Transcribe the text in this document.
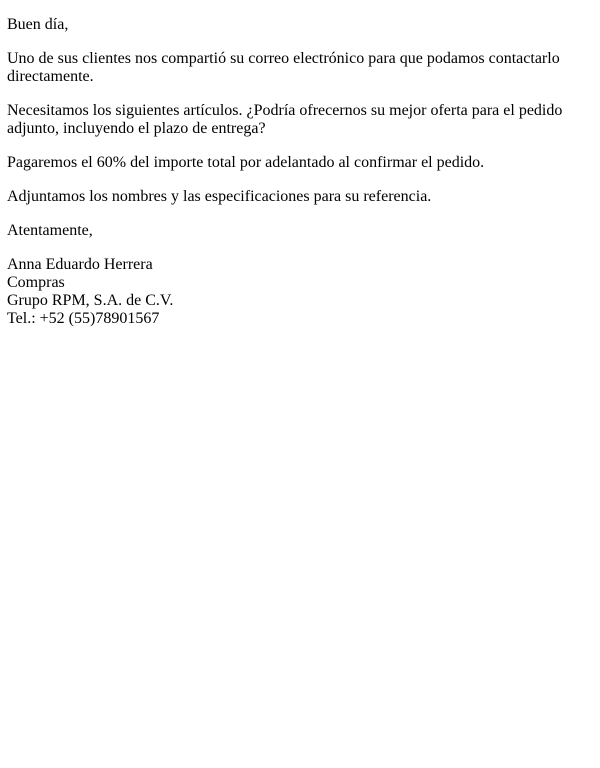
Buen día,

Uno de sus clientes nos compartió su correo electrónico para que podamos contactarlo directamente.

Necesitamos los siguientes artículos. ¿Podría ofrecernos su mejor oferta para el pedido adjunto, incluyendo el plazo de entrega?

Pagaremos el 60% del importe total por adelantado al confirmar el pedido.

Adjuntamos los nombres y las especificaciones para su referencia.

Atentamente,

Anna Eduardo Herrera
Compras
Grupo RPM, S.A. de C.V.
Tel.: +52 (55)78901567
